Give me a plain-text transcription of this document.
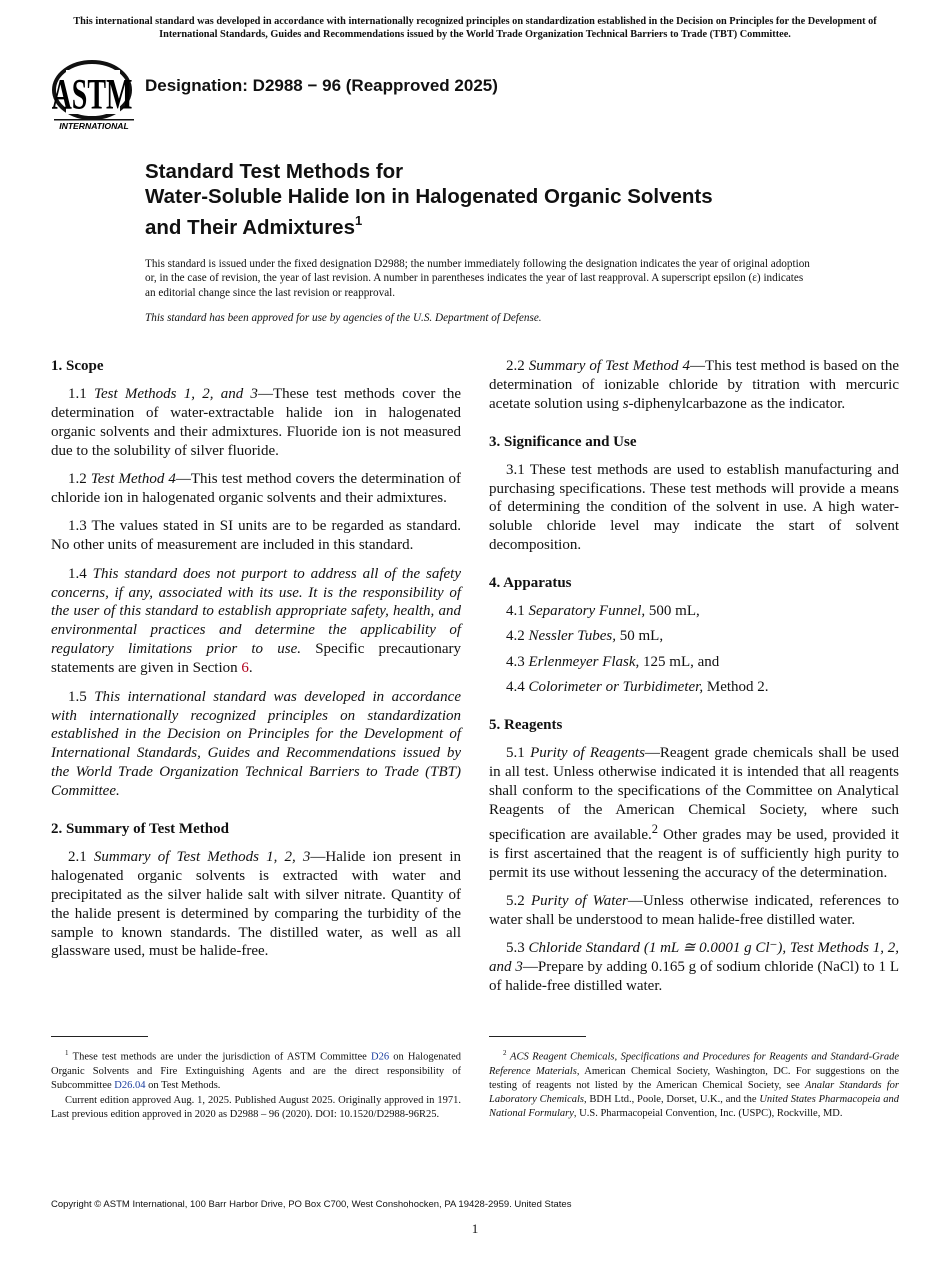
This international standard was developed in accordance with internationally recognized principles on standardization established in the Decision on Principles for the Development of International Standards, Guides and Recommendations issued by the World Trade Organization Technical Barriers to Trade (TBT) Committee.
ASTM
INTERNATIONAL
Designation: D2988 − 96 (Reapproved 2025)
Standard Test Methods for
Water-Soluble Halide Ion in Halogenated Organic Solvents
and Their Admixtures$^1$
This standard is issued under the fixed designation D2988; the number immediately following the designation indicates the year of original adoption or, in the case of revision, the year of last revision. A number in parentheses indicates the year of last reapproval. A superscript epsilon (ε) indicates an editorial change since the last revision or reapproval.
This standard has been approved for use by agencies of the U.S. Department of Defense.
1. Scope

1.1 Test Methods 1, 2, and 3—These test methods cover the determination of water-extractable halide ion in halogenated organic solvents and their admixtures. Fluoride ion is not measured due to the solubility of silver fluoride.

1.2 Test Method 4—This test method covers the determination of chloride ion in halogenated organic solvents and their admixtures.

1.3 The values stated in SI units are to be regarded as standard. No other units of measurement are included in this standard.

1.4 This standard does not purport to address all of the safety concerns, if any, associated with its use. It is the responsibility of the user of this standard to establish appropriate safety, health, and environmental practices and determine the applicability of regulatory limitations prior to use. Specific precautionary statements are given in Section 6.

1.5 This international standard was developed in accordance with internationally recognized principles on standardization established in the Decision on Principles for the Development of International Standards, Guides and Recommendations issued by the World Trade Organization Technical Barriers to Trade (TBT) Committee.

2. Summary of Test Method

2.1 Summary of Test Methods 1, 2, 3—Halide ion present in halogenated organic solvents is extracted with water and precipitated as the silver halide salt with silver nitrate. Quantity of the halide present is determined by comparing the turbidity of the sample to known standards. The distilled water, as well as all glassware used, must be halide-free.

2.2 Summary of Test Method 4—This test method is based on the determination of ionizable chloride by titration with mercuric acetate solution using s-diphenylcarbazone as the indicator.

3. Significance and Use

3.1 These test methods are used to establish manufacturing and purchasing specifications. These test methods will provide a means of determining the condition of the solvent in use. A high water-soluble chloride level may indicate the start of solvent decomposition.

4. Apparatus

4.1 Separatory Funnel, 500 mL,

4.2 Nessler Tubes, 50 mL,

4.3 Erlenmeyer Flask, 125 mL, and

4.4 Colorimeter or Turbidimeter, Method 2.

5. Reagents

5.1 Purity of Reagents—Reagent grade chemicals shall be used in all test. Unless otherwise indicated it is intended that all reagents shall conform to the specifications of the Committee on Analytical Reagents of the American Chemical Society, where such specification are available.$^2$ Other grades may be used, provided it is first ascertained that the reagent is of sufficiently high purity to permit its use without lessening the accuracy of the determination.

5.2 Purity of Water—Unless otherwise indicated, references to water shall be understood to mean halide-free distilled water.

5.3 Chloride Standard (1 mL ≅ 0.0001 g Cl⁻), Test Methods 1, 2, and 3—Prepare by adding 0.165 g of sodium chloride (NaCl) to 1 L of halide-free distilled water.

$^1$ These test methods are under the jurisdiction of ASTM Committee D26 on Halogenated Organic Solvents and Fire Extinguishing Agents and are the direct responsibility of Subcommittee D26.04 on Test Methods.

Current edition approved Aug. 1, 2025. Published August 2025. Originally approved in 1971. Last previous edition approved in 2020 as D2988 – 96 (2020). DOI: 10.1520/D2988-96R25.

$^2$ ACS Reagent Chemicals, Specifications and Procedures for Reagents and Standard-Grade Reference Materials, American Chemical Society, Washington, DC. For suggestions on the testing of reagents not listed by the American Chemical Society, see Analar Standards for Laboratory Chemicals, BDH Ltd., Poole, Dorset, U.K., and the United States Pharmacopeia and National Formulary, U.S. Pharmacopeial Convention, Inc. (USPC), Rockville, MD.

Copyright © ASTM International, 100 Barr Harbor Drive, PO Box C700, West Conshohocken, PA 19428-2959. United States
1
